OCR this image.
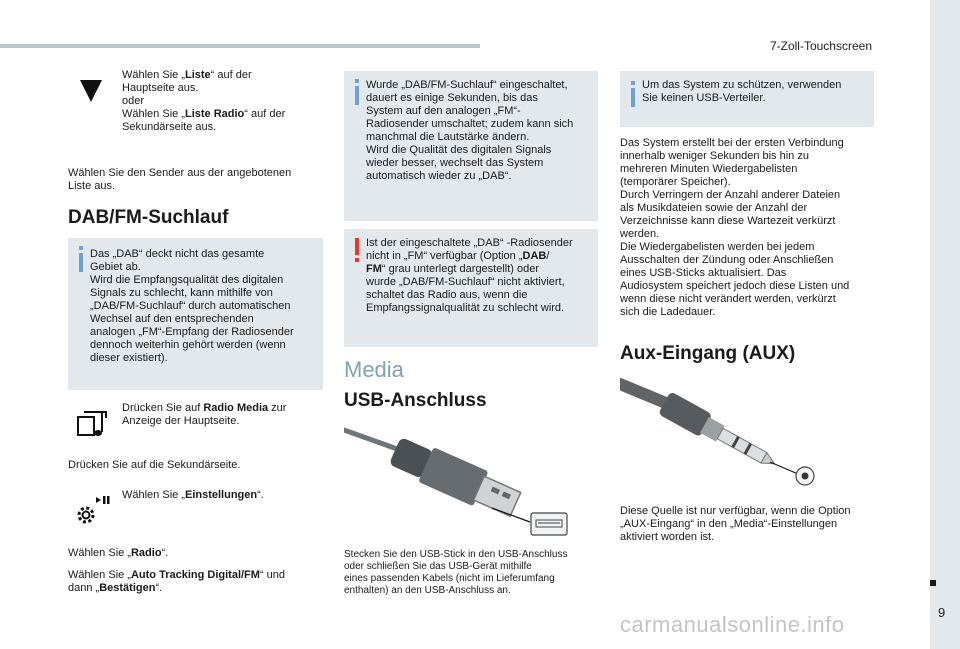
7-Zoll-Touchscreen
9
Wählen Sie „Liste“ auf der
Hauptseite aus.
oder
Wählen Sie „Liste Radio“ auf der
Sekundärseite aus.
Wählen Sie den Sender aus der angebotenen
Liste aus.
DAB/FM-Suchlauf
Das „DAB“ deckt nicht das gesamte
Gebiet ab.
Wird die Empfangsqualität des digitalen
Signals zu schlecht, kann mithilfe von
„DAB/FM-Suchlauf“ durch automatischen
Wechsel auf den entsprechenden
analogen „FM“-Empfang der Radiosender
dennoch weiterhin gehört werden (wenn
dieser existiert).
Drücken Sie auf Radio Media zur
Anzeige der Hauptseite.
Drücken Sie auf die Sekundärseite.
Wählen Sie „Einstellungen“.
Wählen Sie „Radio“.
Wählen Sie „Auto Tracking Digital/FM“ und
dann „Bestätigen“.
Wurde „DAB/FM-Suchlauf“ eingeschaltet,
dauert es einige Sekunden, bis das
System auf den analogen „FM“-
Radiosender umschaltet; zudem kann sich
manchmal die Lautstärke ändern.
Wird die Qualität des digitalen Signals
wieder besser, wechselt das System
automatisch wieder zu „DAB“.
Ist der eingeschaltete „DAB“ -Radiosender
nicht in „FM“ verfügbar (Option „DAB/
FM“ grau unterlegt dargestellt) oder
wurde „DAB/FM-Suchlauf“ nicht aktiviert,
schaltet das Radio aus, wenn die
Empfangssignalqualität zu schlecht wird.
Media
USB-Anschluss
Stecken Sie den USB-Stick in den USB-Anschluss
oder schließen Sie das USB-Gerät mithilfe
eines passenden Kabels (nicht im Lieferumfang
enthalten) an den USB-Anschluss an.
Um das System zu schützen, verwenden
Sie keinen USB-Verteiler.
Das System erstellt bei der ersten Verbindung
innerhalb weniger Sekunden bis hin zu
mehreren Minuten Wiedergabelisten
(temporärer Speicher).
Durch Verringern der Anzahl anderer Dateien
als Musikdateien sowie der Anzahl der
Verzeichnisse kann diese Wartezeit verkürzt
werden.
Die Wiedergabelisten werden bei jedem
Ausschalten der Zündung oder Anschließen
eines USB-Sticks aktualisiert. Das
Audiosystem speichert jedoch diese Listen und
wenn diese nicht verändert werden, verkürzt
sich die Ladedauer.
Aux-Eingang (AUX)
Diese Quelle ist nur verfügbar, wenn die Option
„AUX-Eingang“ in den „Media“-Einstellungen
aktiviert worden ist.
carmanualsonline.info
